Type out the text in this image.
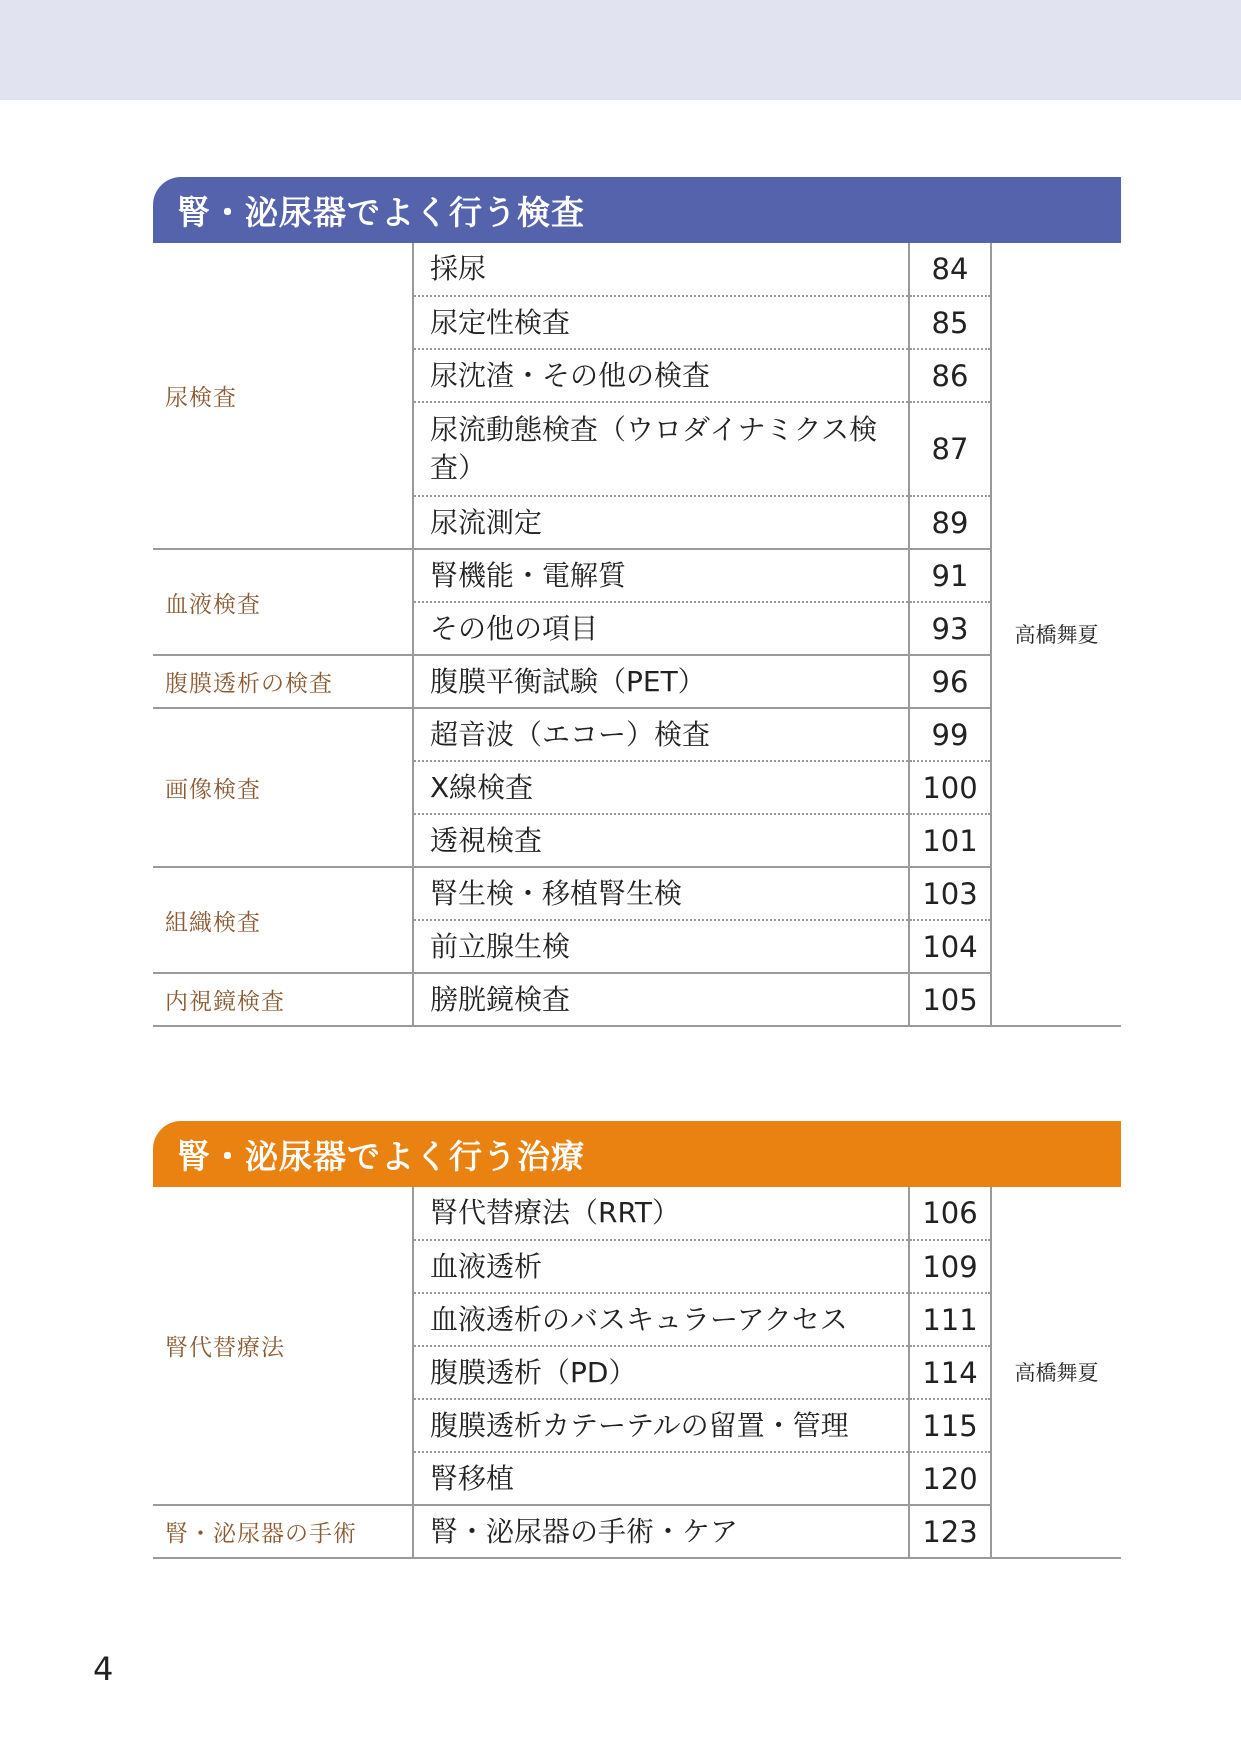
腎・泌尿器でよく行う検査
尿検査	採尿	84	高橋舞夏
	尿定性検査	85	
	尿沈渣・その他の検査	86	
	尿流動態検査（ウロダイナミクス検査）	87	
	尿流測定	89	
血液検査	腎機能・電解質	91	
	その他の項目	93	
腹膜透析の検査	腹膜平衡試験（PET）	96	
画像検査	超音波（エコー）検査	99	
	X線検査	100	
	透視検査	101	
組織検査	腎生検・移植腎生検	103	
	前立腺生検	104	
内視鏡検査	膀胱鏡検査	105	
腎・泌尿器でよく行う治療
腎代替療法	腎代替療法（RRT）	106	高橋舞夏
	血液透析	109	
	血液透析のバスキュラーアクセス	111	
	腹膜透析（PD）	114	
	腹膜透析カテーテルの留置・管理	115	
	腎移植	120	
腎・泌尿器の手術	腎・泌尿器の手術・ケア	123	
4
